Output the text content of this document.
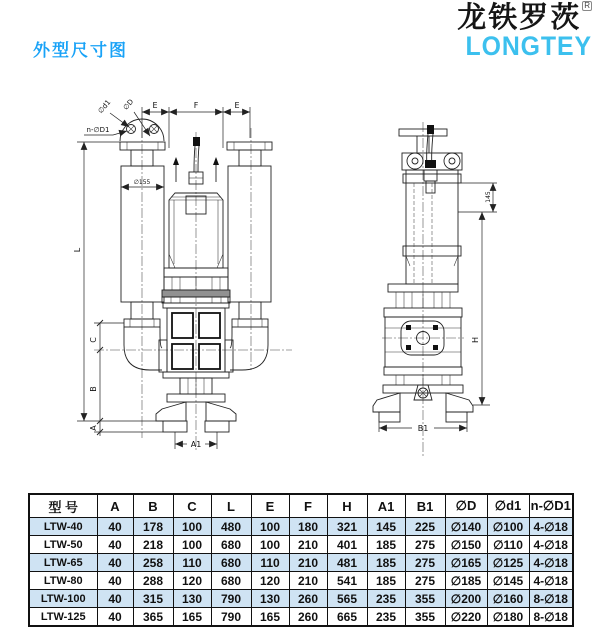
外型尺寸图
龙铁罗茨 R
LONGTEY
E	F	E
∅d1 ∅D
n-∅D1
∅155
L
C
B
A
A1
145
H
B1
型 号	A	B	C	L	E	F	H	A1	B1	∅D	∅d1	n-∅D1
LTW-40	40	178	100	480	100	180	321	145	225	∅140	∅100	4-∅18
LTW-50	40	218	100	680	100	210	401	185	275	∅150	∅110	4-∅18
LTW-65	40	258	110	680	110	210	481	185	275	∅165	∅125	4-∅18
LTW-80	40	288	120	680	120	210	541	185	275	∅185	∅145	4-∅18
LTW-100	40	315	130	790	130	260	565	235	355	∅200	∅160	8-∅18
LTW-125	40	365	165	790	165	260	665	235	355	∅220	∅180	8-∅18
